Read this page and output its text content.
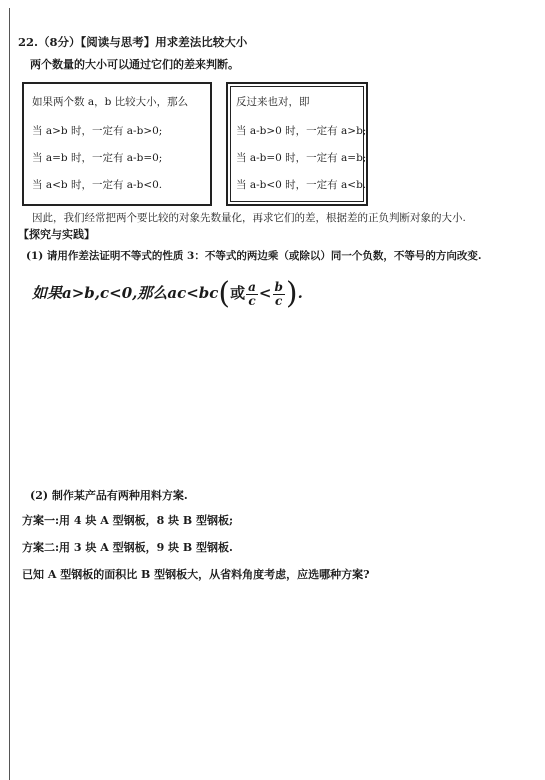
22.（8分）【阅读与思考】用求差法比较大小
两个数量的大小可以通过它们的差来判断。
如果两个数 a，b 比较大小，那么
当 a>b 时，一定有 a-b>0;
当 a=b 时，一定有 a-b=0;
当 a<b 时，一定有 a-b<0.
反过来也对，即
当 a-b>0 时，一定有 a>b;
当 a-b=0 时，一定有 a=b;
当 a-b<0 时，一定有 a<b.
因此，我们经常把两个要比较的对象先数量化，再求它们的差，根据差的正负判断对象的大小.
【探究与实践】
(1) 请用作差法证明不等式的性质 3：不等式的两边乘（或除以）同一个负数，不等号的方向改变.
如果a>b,c<0,那么ac<bc(或 $\frac{a}{c} < \frac{b}{c}$ ).
(2) 制作某产品有两种用料方案.
方案一:用 4 块 A 型钢板，8 块 B 型钢板;
方案二:用 3 块 A 型钢板，9 块 B 型钢板.
已知 A 型钢板的面积比 B 型钢板大，从省料角度考虑，应选哪种方案?
